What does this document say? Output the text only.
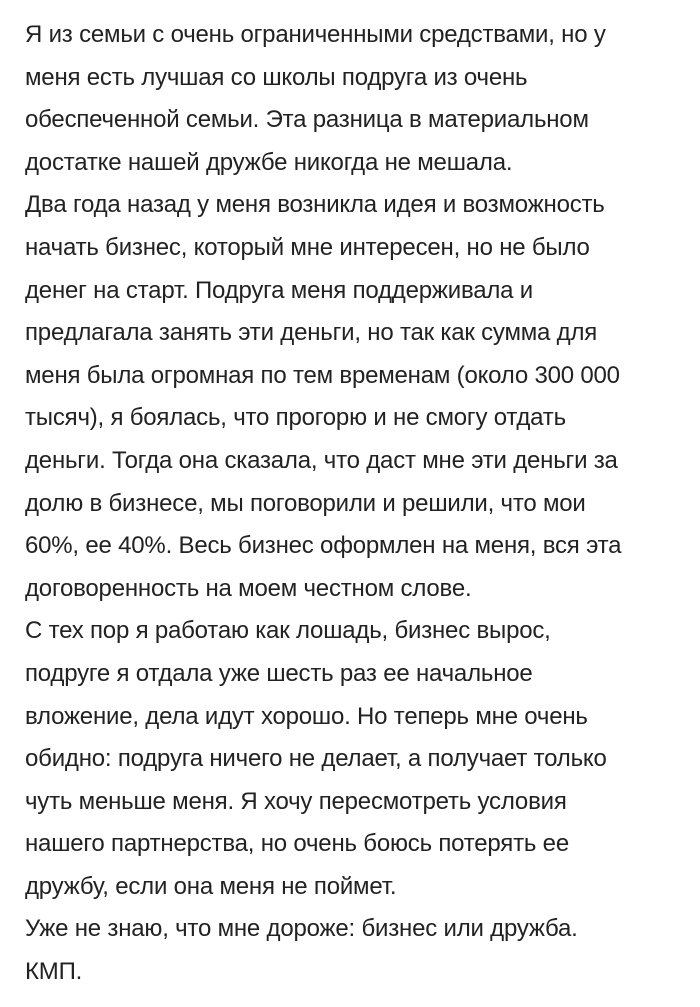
Я из семьи с очень ограниченными средствами, но у
меня есть лучшая со школы подруга из очень
обеспеченной семьи. Эта разница в материальном
достатке нашей дружбе никогда не мешала.
Два года назад у меня возникла идея и возможность
начать бизнес, который мне интересен, но не было
денег на старт. Подруга меня поддерживала и
предлагала занять эти деньги, но так как сумма для
меня была огромная по тем временам (около 300 000
тысяч), я боялась, что прогорю и не смогу отдать
деньги. Тогда она сказала, что даст мне эти деньги за
долю в бизнесе, мы поговорили и решили, что мои
60%, ее 40%. Весь бизнес оформлен на меня, вся эта
договоренность на моем честном слове.
С тех пор я работаю как лошадь, бизнес вырос,
подруге я отдала уже шесть раз ее начальное
вложение, дела идут хорошо. Но теперь мне очень
обидно: подруга ничего не делает, а получает только
чуть меньше меня. Я хочу пересмотреть условия
нашего партнерства, но очень боюсь потерять ее
дружбу, если она меня не поймет.
Уже не знаю, что мне дороже: бизнес или дружба.
КМП.
